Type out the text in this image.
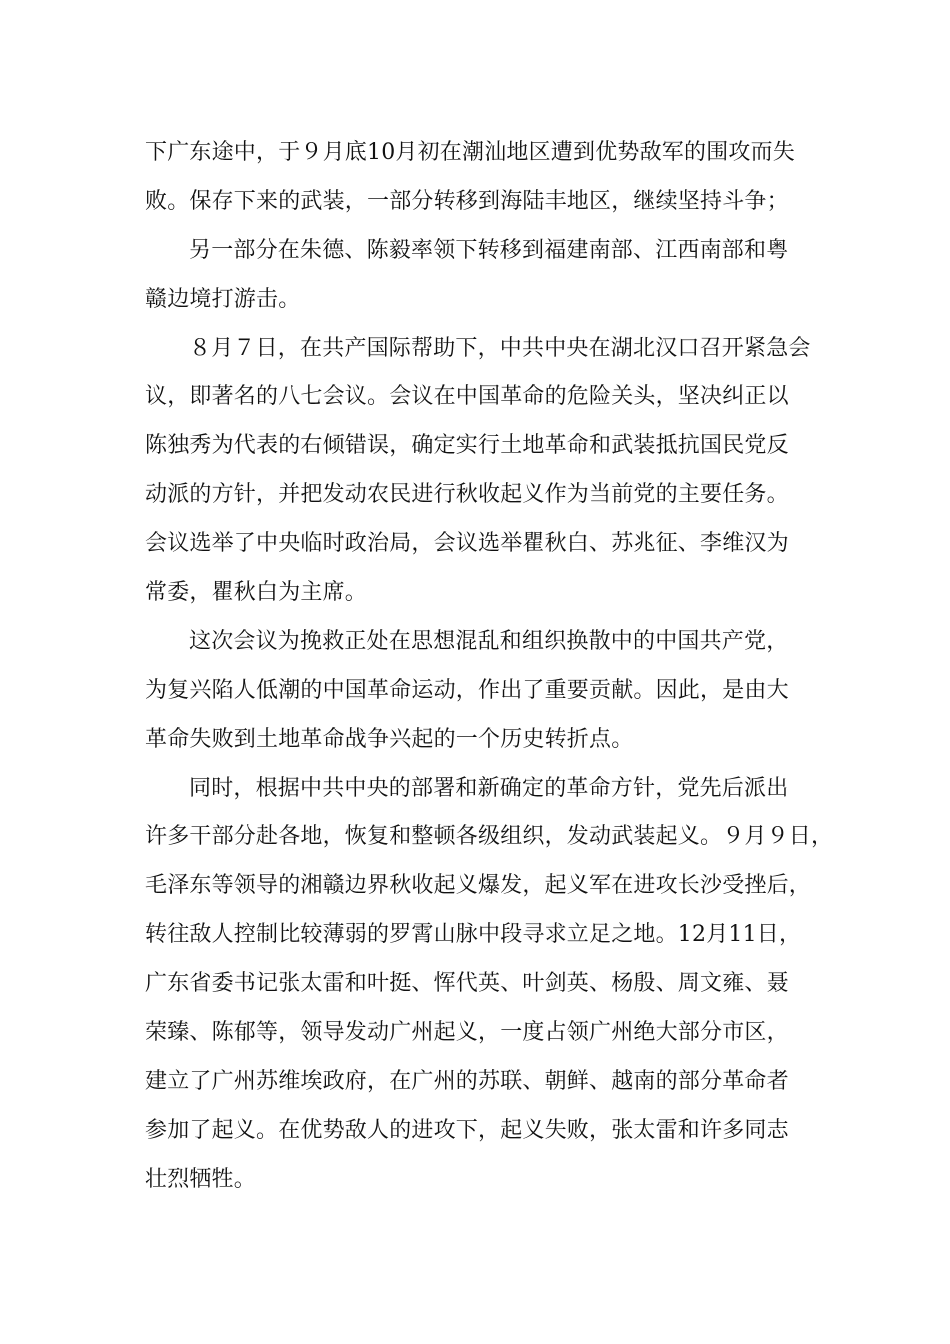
下广东途中，于９月底10月初在潮汕地区遭到优势敌军的围攻而失
败。保存下来的武装，一部分转移到海陆丰地区，继续坚持斗争；
另一部分在朱德、陈毅率领下转移到福建南部、江西南部和粤
赣边境打游击。
８月７日，在共产国际帮助下，中共中央在湖北汉口召开紧急会
议，即著名的八七会议。会议在中国革命的危险关头，坚决纠正以
陈独秀为代表的右倾错误，确定实行土地革命和武装抵抗国民党反
动派的方针，并把发动农民进行秋收起义作为当前党的主要任务。
会议选举了中央临时政治局，会议选举瞿秋白、苏兆征、李维汉为
常委，瞿秋白为主席。
这次会议为挽救正处在思想混乱和组织换散中的中国共产党，
为复兴陷人低潮的中国革命运动，作出了重要贡献。因此，是由大
革命失败到土地革命战争兴起的一个历史转折点。
同时，根据中共中央的部署和新确定的革命方针，党先后派出
许多干部分赴各地，恢复和整顿各级组织，发动武装起义。９月９日，
毛泽东等领导的湘赣边界秋收起义爆发，起义军在进攻长沙受挫后，
转往敌人控制比较薄弱的罗霄山脉中段寻求立足之地。12月11日，
广东省委书记张太雷和叶挺、恽代英、叶剑英、杨殷、周文雍、聂
荣臻、陈郁等，领导发动广州起义，一度占领广州绝大部分市区，
建立了广州苏维埃政府，在广州的苏联、朝鲜、越南的部分革命者
参加了起义。在优势敌人的进攻下，起义失败，张太雷和许多同志
壮烈牺牲。
